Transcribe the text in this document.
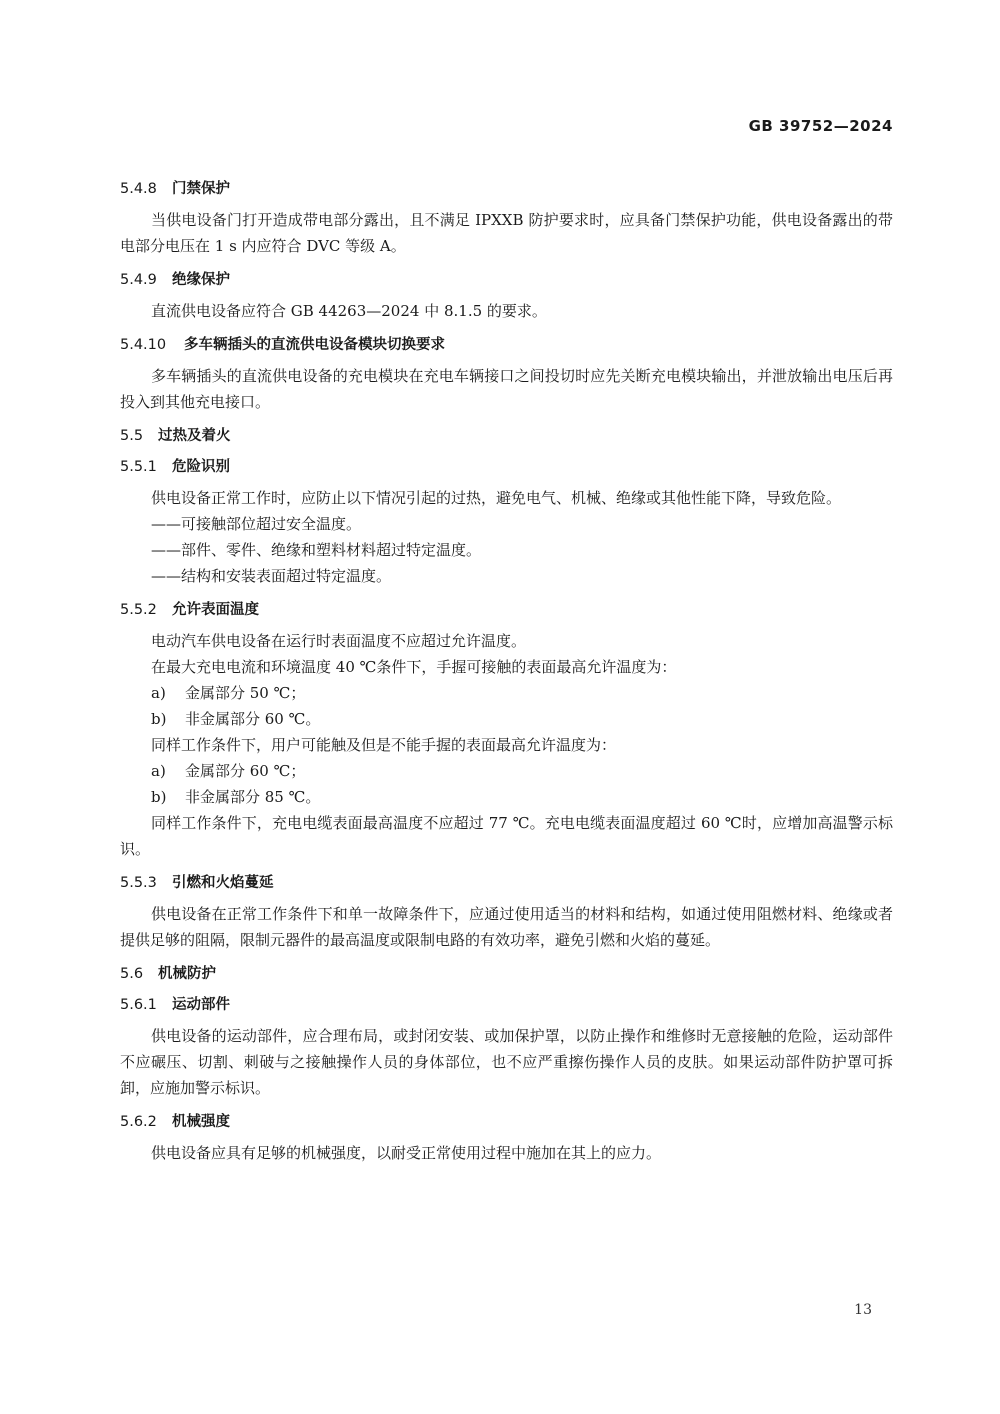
GB 39752—2024
5.4.8 门禁保护

当供电设备门打开造成带电部分露出，且不满足 IPXXB 防护要求时，应具备门禁保护功能，供电设备露出的带电部分电压在 1 s 内应符合 DVC 等级 A。

5.4.9 绝缘保护

直流供电设备应符合 GB 44263—2024 中 8.1.5 的要求。

5.4.10 多车辆插头的直流供电设备模块切换要求

多车辆插头的直流供电设备的充电模块在充电车辆接口之间投切时应先关断充电模块输出，并泄放输出电压后再投入到其他充电接口。

5.5 过热及着火
5.5.1 危险识别

供电设备正常工作时，应防止以下情况引起的过热，避免电气、机械、绝缘或其他性能下降，导致危险。

——可接触部位超过安全温度。

——部件、零件、绝缘和塑料材料超过特定温度。

——结构和安装表面超过特定温度。

5.5.2 允许表面温度

电动汽车供电设备在运行时表面温度不应超过允许温度。

在最大充电电流和环境温度 40 ℃条件下，手握可接触的表面最高允许温度为：

a) 金属部分 50 ℃；

b) 非金属部分 60 ℃。

同样工作条件下，用户可能触及但是不能手握的表面最高允许温度为：

a) 金属部分 60 ℃；

b) 非金属部分 85 ℃。

同样工作条件下，充电电缆表面最高温度不应超过 77 ℃。充电电缆表面温度超过 60 ℃时，应增加高温警示标识。

5.5.3 引燃和火焰蔓延

供电设备在正常工作条件下和单一故障条件下，应通过使用适当的材料和结构，如通过使用阻燃材料、绝缘或者提供足够的阻隔，限制元器件的最高温度或限制电路的有效功率，避免引燃和火焰的蔓延。

5.6 机械防护
5.6.1 运动部件

供电设备的运动部件，应合理布局，或封闭安装、或加保护罩，以防止操作和维修时无意接触的危险，运动部件不应碾压、切割、刺破与之接触操作人员的身体部位，也不应严重擦伤操作人员的皮肤。如果运动部件防护罩可拆卸，应施加警示标识。

5.6.2 机械强度

供电设备应具有足够的机械强度，以耐受正常使用过程中施加在其上的应力。

13
